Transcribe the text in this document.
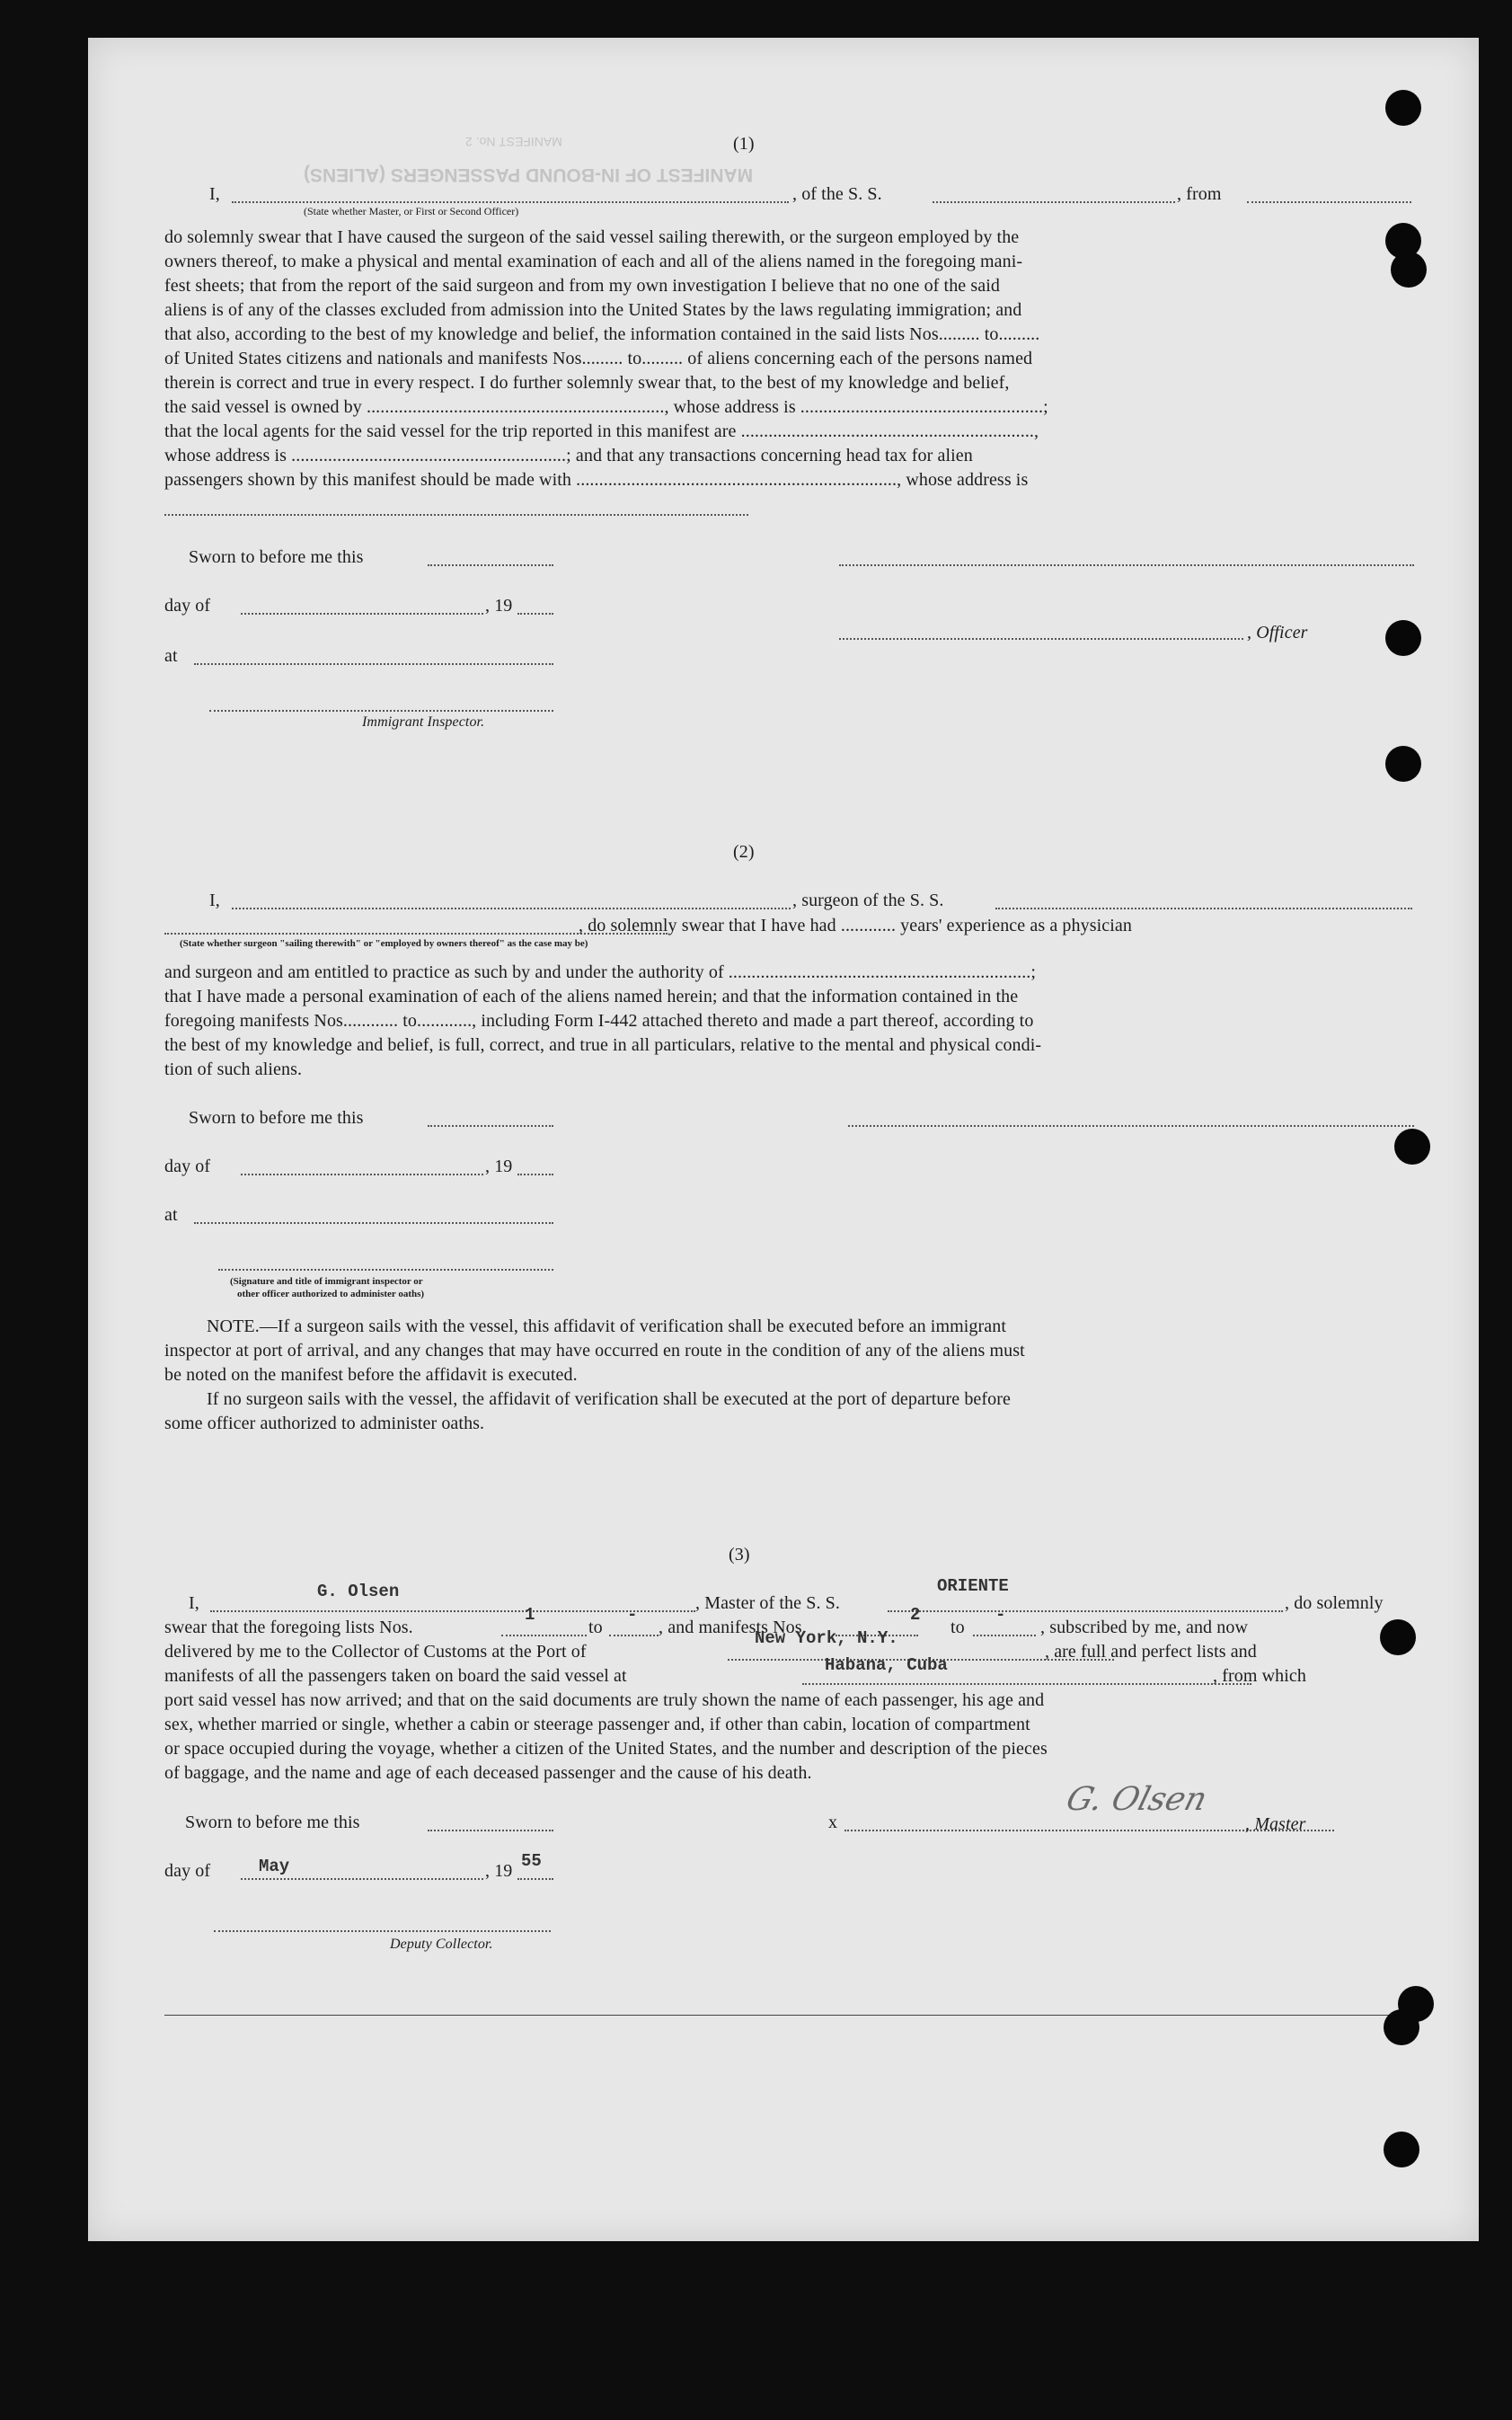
MANIFEST OF IN-BOUND PASSENGERS (ALIENS)
MANIFEST No. 2	(1)
I,
(State whether Master, or First or Second Officer)
, of the S. S.	, from
do solemnly swear that I have caused the surgeon of the said vessel sailing therewith, or the surgeon employed by the
owners thereof, to make a physical and mental examination of each and all of the aliens named in the foregoing mani-
fest sheets; that from the report of the said surgeon and from my own investigation I believe that no one of the said
aliens is of any of the classes excluded from admission into the United States by the laws regulating immigration; and
that also, according to the best of my knowledge and belief, the information contained in the said lists Nos......... to.........
of United States citizens and nationals and manifests Nos......... to......... of aliens concerning each of the persons named
therein is correct and true in every respect. I do further solemnly swear that, to the best of my knowledge and belief,
the said vessel is owned by ................................................................., whose address is .....................................................;
that the local agents for the said vessel for the trip reported in this manifest are ................................................................,
whose address is ............................................................; and that any transactions concerning head tax for alien
passengers shown by this manifest should be made with ......................................................................, whose address is
Sworn to before me this
day of	, 19
, Officer
at
Immigrant Inspector.
(2)
I,	, surgeon of the S. S.
, do solemnly swear that I have had ............ years' experience as a physician
(State whether surgeon "sailing therewith" or "employed by owners thereof" as the case may be)
and surgeon and am entitled to practice as such by and under the authority of ..................................................................;
that I have made a personal examination of each of the aliens named herein; and that the information contained in the
foregoing manifests Nos............ to............, including Form I-442 attached thereto and made a part thereof, according to
the best of my knowledge and belief, is full, correct, and true in all particulars, relative to the mental and physical condi-
tion of such aliens.
Sworn to before me this
day of	, 19
at
(Signature and title of immigrant inspector or
other officer authorized to administer oaths)
NOTE.—If a surgeon sails with the vessel, this affidavit of verification shall be executed before an immigrant
inspector at port of arrival, and any changes that may have occurred en route in the condition of any of the aliens must
be noted on the manifest before the affidavit is executed.
If no surgeon sails with the vessel, the affidavit of verification shall be executed at the port of departure before
some officer authorized to administer oaths.
(3)
I,
G. Olsen
, Master of the S. S.
ORIENTE
, do solemnly
swear that the foregoing lists Nos.
1
to
-
, and manifests Nos.
2
to
-
, subscribed by me, and now
delivered by me to the Collector of Customs at the Port of
New York, N.Y.
, are full and perfect lists and
manifests of all the passengers taken on board the said vessel at
Habana, Cuba
, from which
port said vessel has now arrived; and that on the said documents are truly shown the name of each passenger, his age and
sex, whether married or single, whether a cabin or steerage passenger and, if other than cabin, location of compartment
or space occupied during the voyage, whether a citizen of the United States, and the number and description of the pieces
of baggage, and the name and age of each deceased passenger and the cause of his death.
Sworn to before me this	x
G. Olsen
, Master
day of	May	, 19 55
Deputy Collector.
